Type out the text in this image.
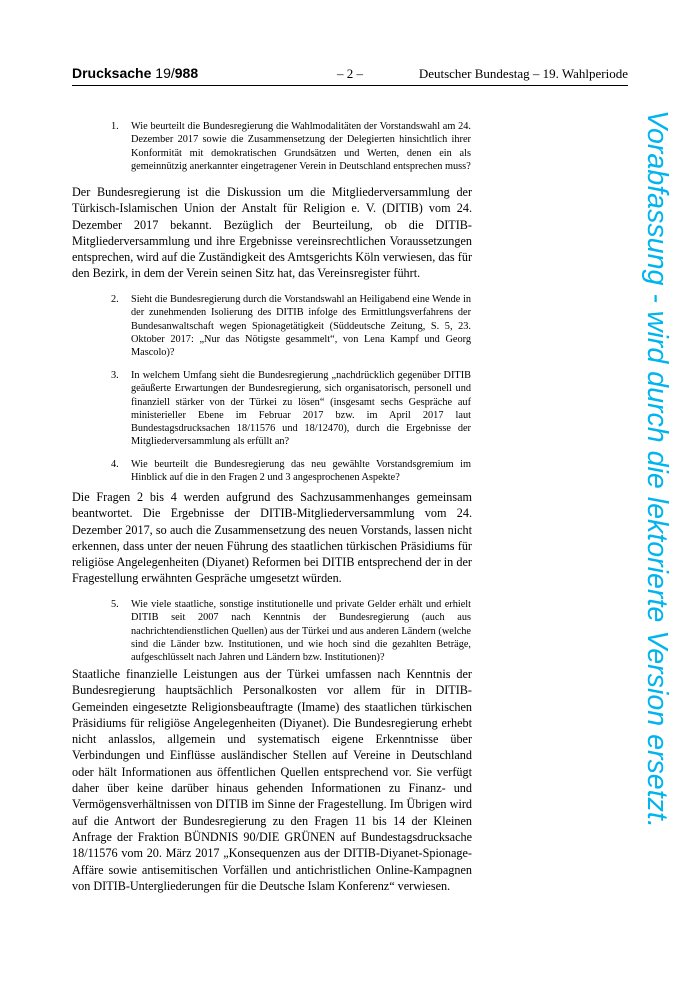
Drucksache 19/988	– 2 –	Deutscher Bundestag – 19. Wahlperiode
1. Wie beurteilt die Bundesregierung die Wahlmodalitäten der Vorstandswahl am 24. Dezember 2017 sowie die Zusammensetzung der Delegierten hinsichtlich ihrer Konformität mit demokratischen Grundsätzen und Werten, denen ein als gemeinnützig anerkannter eingetragener Verein in Deutschland entsprechen muss?
Der Bundesregierung ist die Diskussion um die Mitgliederversammlung der Türkisch-Islamischen Union der Anstalt für Religion e. V. (DITIB) vom 24. Dezember 2017 bekannt. Bezüglich der Beurteilung, ob die DITIB-Mitgliederversammlung und ihre Ergebnisse vereinsrechtlichen Voraussetzungen entsprechen, wird auf die Zuständigkeit des Amtsgerichts Köln verwiesen, das für den Bezirk, in dem der Verein seinen Sitz hat, das Vereinsregister führt.
2. Sieht die Bundesregierung durch die Vorstandswahl an Heiligabend eine Wende in der zunehmenden Isolierung des DITIB infolge des Ermittlungsverfahrens der Bundesanwaltschaft wegen Spionagetätigkeit (Süddeutsche Zeitung, S. 5, 23. Oktober 2017: „Nur das Nötigste gesammelt“, von Lena Kampf und Georg Mascolo)?
3. In welchem Umfang sieht die Bundesregierung „nachdrücklich gegenüber DITIB geäußerte Erwartungen der Bundesregierung, sich organisatorisch, personell und finanziell stärker von der Türkei zu lösen“ (insgesamt sechs Gespräche auf ministerieller Ebene im Februar 2017 bzw. im April 2017 laut Bundestagsdrucksachen 18/11576 und 18/12470), durch die Ergebnisse der Mitgliederversammlung als erfüllt an?
4. Wie beurteilt die Bundesregierung das neu gewählte Vorstandsgremium im Hinblick auf die in den Fragen 2 und 3 angesprochenen Aspekte?
Die Fragen 2 bis 4 werden aufgrund des Sachzusammenhanges gemeinsam beantwortet. Die Ergebnisse der DITIB-Mitgliederversammlung vom 24. Dezember 2017, so auch die Zusammensetzung des neuen Vorstands, lassen nicht erkennen, dass unter der neuen Führung des staatlichen türkischen Präsidiums für religiöse Angelegenheiten (Diyanet) Reformen bei DITIB entsprechend der in der Fragestellung erwähnten Gespräche umgesetzt würden.
5. Wie viele staatliche, sonstige institutionelle und private Gelder erhält und erhielt DITIB seit 2007 nach Kenntnis der Bundesregierung (auch aus nachrichtendienstlichen Quellen) aus der Türkei und aus anderen Ländern (welche sind die Länder bzw. Institutionen, und wie hoch sind die gezahlten Beträge, aufgeschlüsselt nach Jahren und Ländern bzw. Institutionen)?
Staatliche finanzielle Leistungen aus der Türkei umfassen nach Kenntnis der Bundesregierung hauptsächlich Personalkosten vor allem für in DITIB-Gemeinden eingesetzte Religionsbeauftragte (Imame) des staatlichen türkischen Präsidiums für religiöse Angelegenheiten (Diyanet). Die Bundesregierung erhebt nicht anlasslos, allgemein und systematisch eigene Erkenntnisse über Verbindungen und Einflüsse ausländischer Stellen auf Vereine in Deutschland oder hält Informationen aus öffentlichen Quellen entsprechend vor. Sie verfügt daher über keine darüber hinaus gehenden Informationen zu Finanz- und Vermögensverhältnissen von DITIB im Sinne der Fragestellung. Im Übrigen wird auf die Antwort der Bundesregierung zu den Fragen 11 bis 14 der Kleinen Anfrage der Fraktion BÜNDNIS 90/DIE GRÜNEN auf Bundestagsdrucksache 18/11576 vom 20. März 2017 „Konsequenzen aus der DITIB-Diyanet-Spionage-Affäre sowie antisemitischen Vorfällen und antichristlichen Online-Kampagnen von DITIB-Untergliederungen für die Deutsche Islam Konferenz“ verwiesen.
Vorabfassung - wird durch die lektorierte Version ersetzt.
